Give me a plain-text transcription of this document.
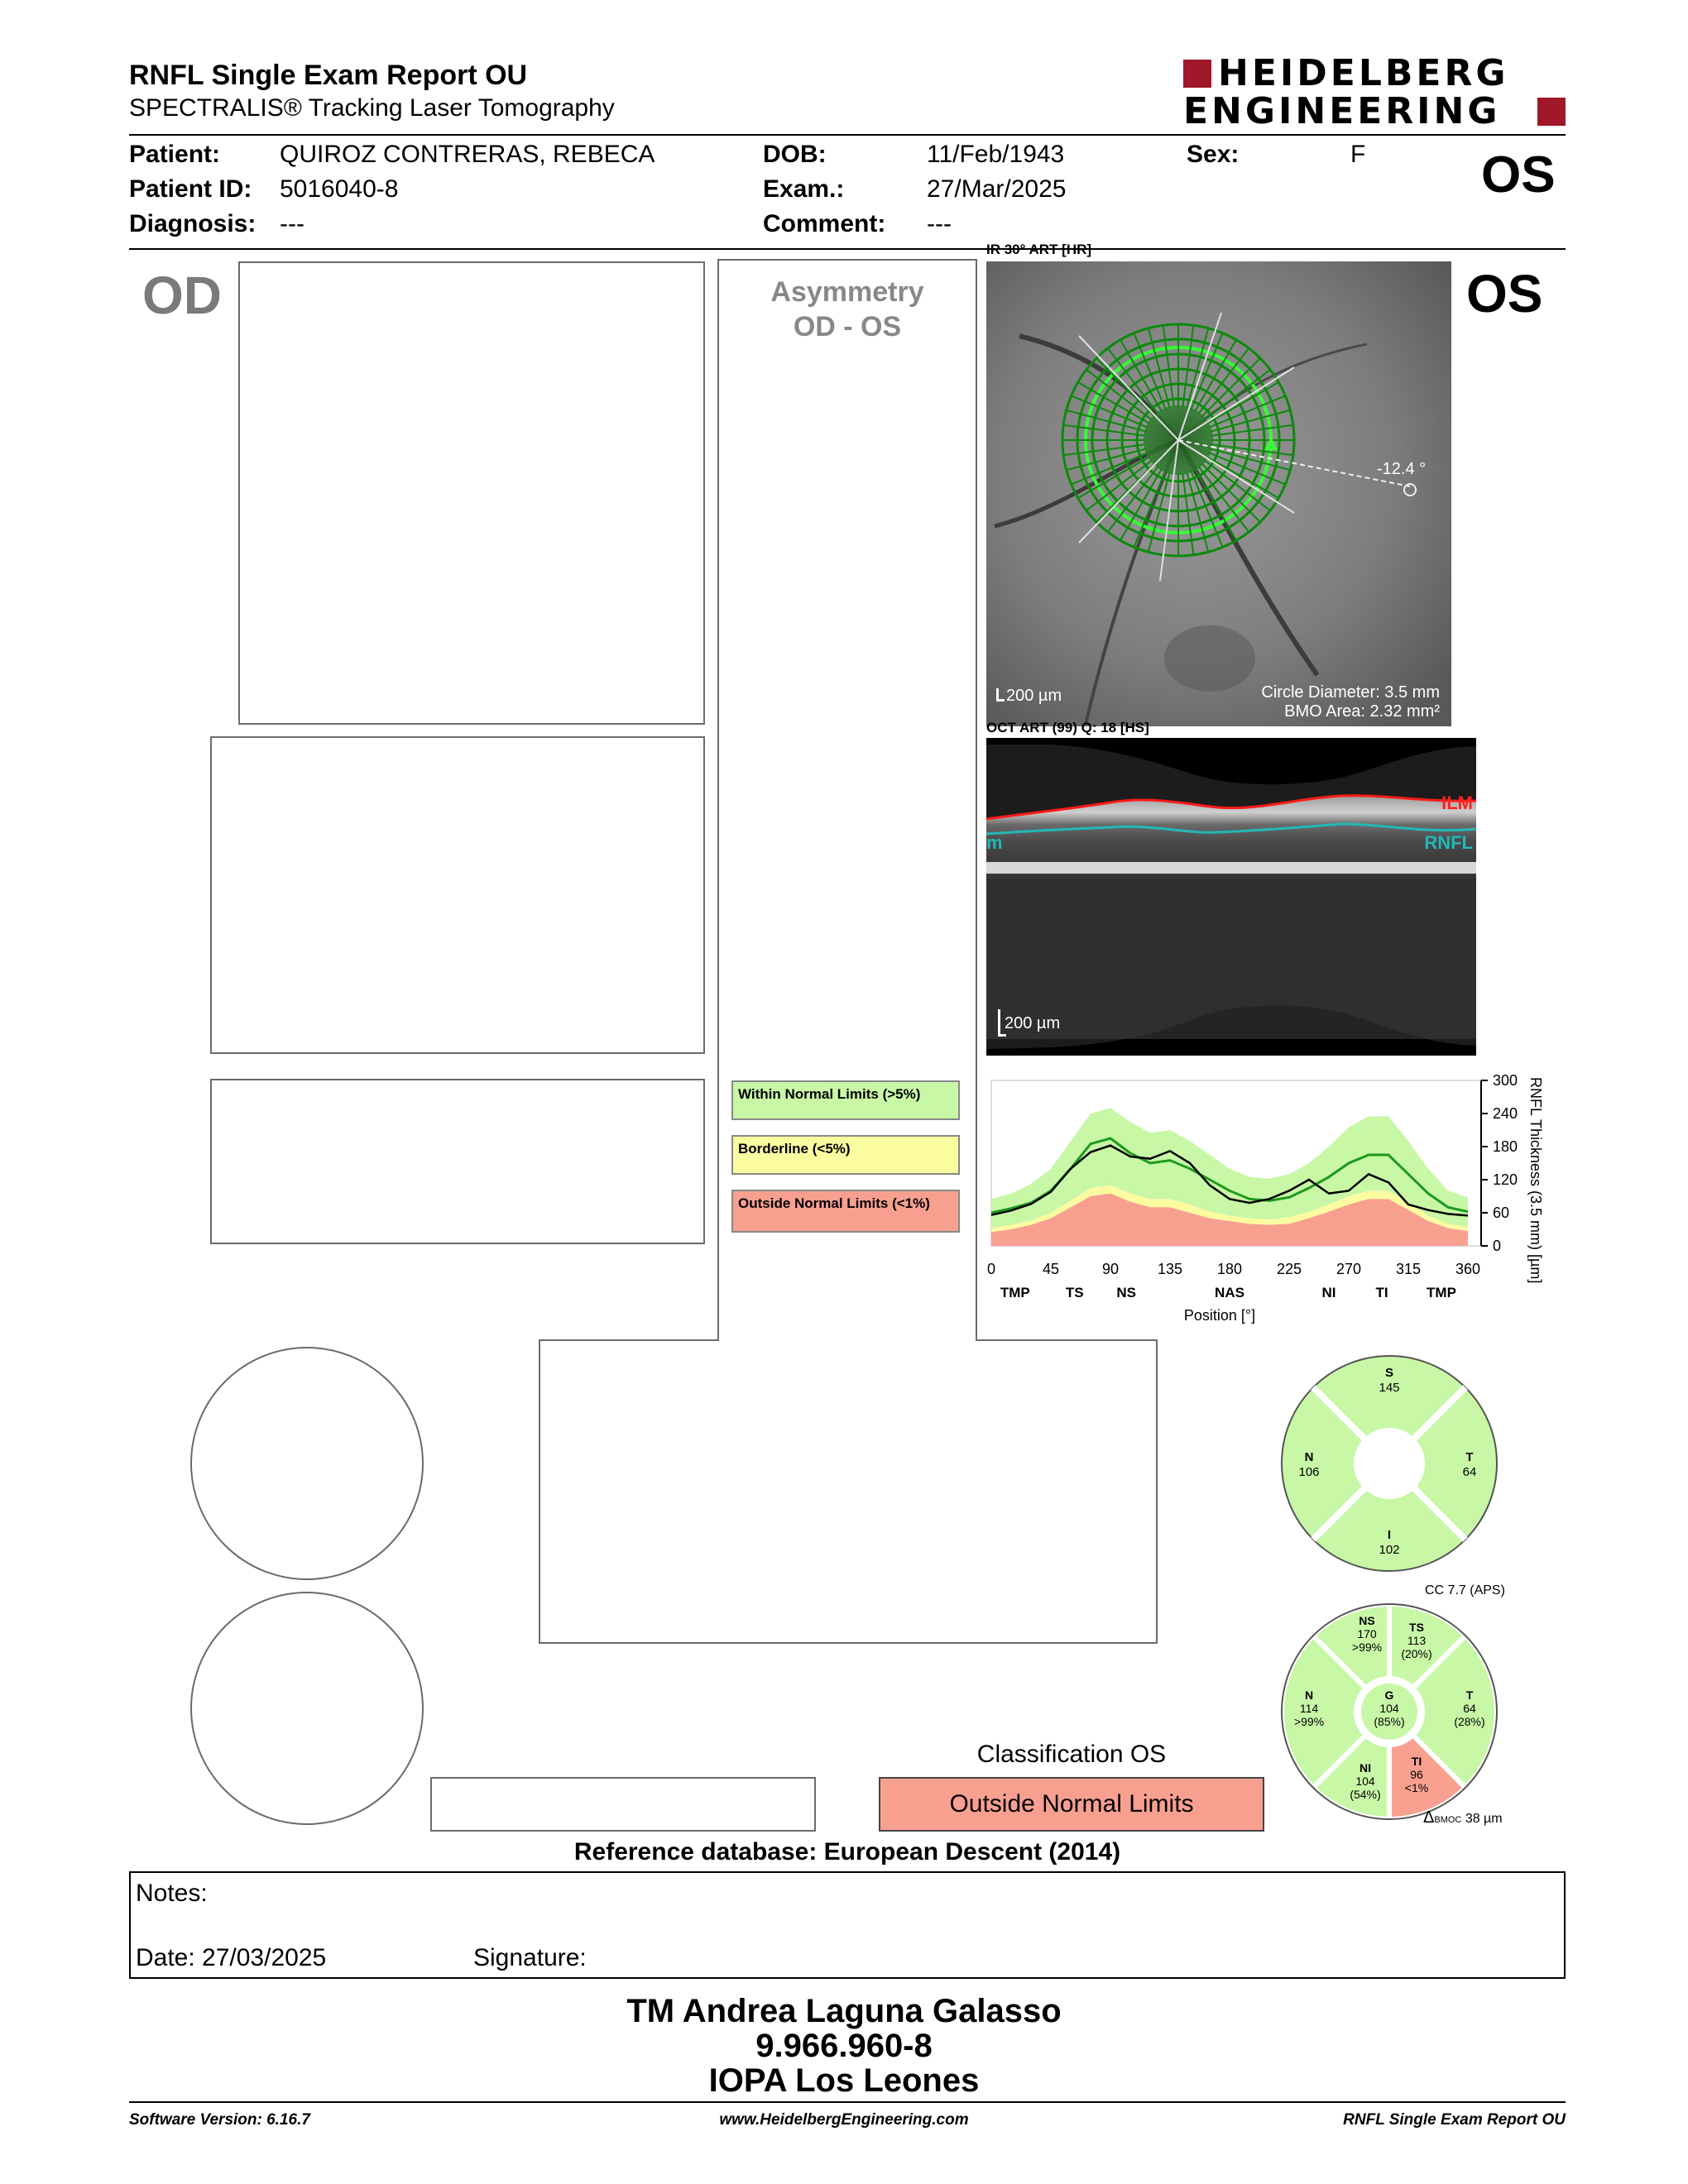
RNFL Single Exam Report OU
SPECTRALIS® Tracking Laser Tomography
HEIDELBERG
ENGINEERING
Patient: QUIROZ CONTRERAS, REBECA
Patient ID: 5016040-8
Diagnosis: ---
DOB:	11/Feb/1943
Exam.:	27/Mar/2025
Comment: ---
Sex:	F OS
OD	Asymmetry
OD - OS
Within Normal Limits (>5%)
Borderline (<5%)
Outside Normal Limits (<1%)
IR 30° ART [HR]
OS
-12.4 °
200 µm	Circle Diameter: 3.5 mm
BMO Area: 2.32 mm²
OCT ART (99) Q: 18 [HS]
ILM
RNFL
m
200 µm
0
60
120
180
240
300
0	45	90	135 180 225 270 315 360
TMP	TS NS	NAS	NI	TI	TMP
Position [°]
RNFL Thickness (3.5 mm) [µm]
S
145
N
106
T
64
I
102
CC 7.7 (APS)
NS
170
>99%
TS
113
(20%)
N
114
>99%
G
104
(85%)
T
64
(28%)
NI
104
(54%)
TI
96
<1%
ΔBMOC 38 µm
Classification OS
Outside Normal Limits
Reference database: European Descent (2014)
Notes:
Date: 27/03/2025	Signature:
TM Andrea Laguna Galasso
9.966.960-8
IOPA Los Leones
Software Version: 6.16.7	www.HeidelbergEngineering.com	RNFL Single Exam Report OU
